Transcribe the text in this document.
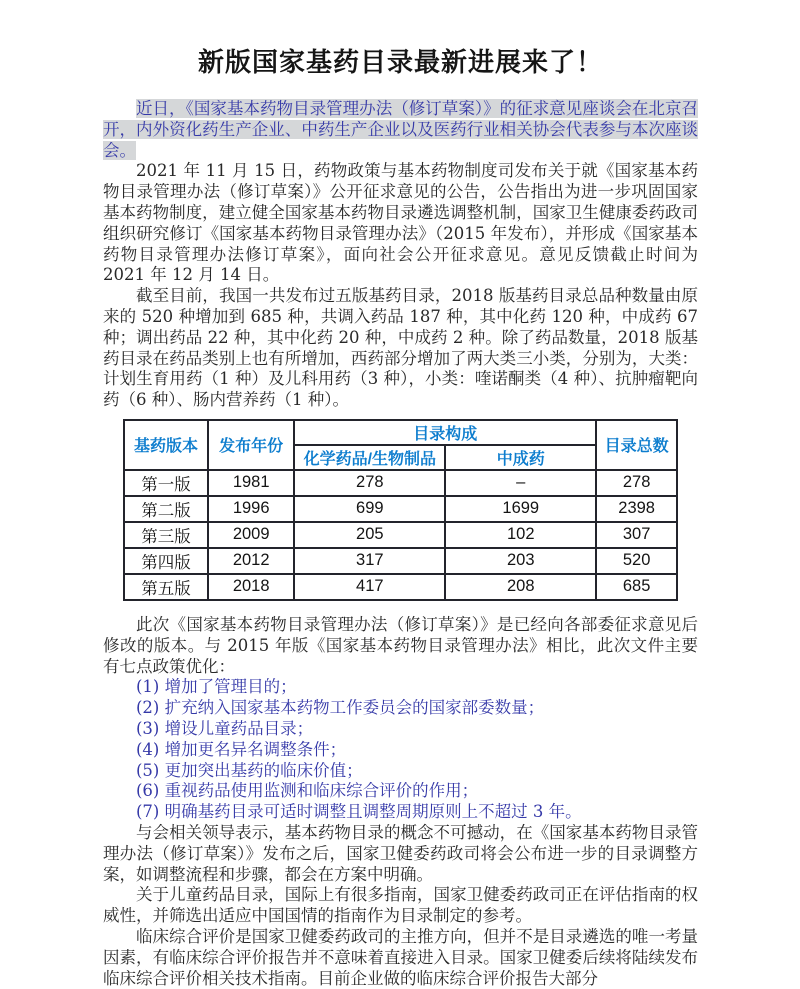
新版国家基药目录最新进展来了！

近日，《国家基本药物目录管理办法（修订草案）》的征求意见座谈会在北京召开，内外资化药生产企业、中药生产企业以及医药行业相关协会代表参与本次座谈会。

2021 年 11 月 15 日，药物政策与基本药物制度司发布关于就《国家基本药物目录管理办法（修订草案）》公开征求意见的公告，公告指出为进一步巩固国家基本药物制度，建立健全国家基本药物目录遴选调整机制，国家卫生健康委药政司组织研究修订《国家基本药物目录管理办法》（2015 年发布），并形成《国家基本药物目录管理办法修订草案》，面向社会公开征求意见。意见反馈截止时间为 2021 年 12 月 14 日。

截至目前，我国一共发布过五版基药目录，2018 版基药目录总品种数量由原来的 520 种增加到 685 种，共调入药品 187 种，其中化药 120 种，中成药 67 种；调出药品 22 种，其中化药 20 种，中成药 2 种。除了药品数量，2018 版基药目录在药品类别上也有所增加，西药部分增加了两大类三小类，分别为，大类：计划生育用药（1 种）及儿科用药（3 种），小类：喹诺酮类（4 种）、抗肿瘤靶向药（6 种）、肠内营养药（1 种）。

基药版本	发布年份	目录构成		目录总数
		化学药品/生物制品	中成药	
第一版	1981	278	–	278
第二版	1996	699	1699	2398
第三版	2009	205	102	307
第四版	2012	317	203	520
第五版	2018	417	208	685

此次《国家基本药物目录管理办法（修订草案）》是已经向各部委征求意见后修改的版本。与 2015 年版《国家基本药物目录管理办法》相比，此次文件主要有七点政策优化：

(1) 增加了管理目的；
(2) 扩充纳入国家基本药物工作委员会的国家部委数量；
(3) 增设儿童药品目录；
(4) 增加更名异名调整条件；
(5) 更加突出基药的临床价值；
(6) 重视药品使用监测和临床综合评价的作用；
(7) 明确基药目录可适时调整且调整周期原则上不超过 3 年。

与会相关领导表示，基本药物目录的概念不可撼动，在《国家基本药物目录管理办法（修订草案）》发布之后，国家卫健委药政司将会公布进一步的目录调整方案，如调整流程和步骤，都会在方案中明确。

关于儿童药品目录，国际上有很多指南，国家卫健委药政司正在评估指南的权威性，并筛选出适应中国国情的指南作为目录制定的参考。

临床综合评价是国家卫健委药政司的主推方向，但并不是目录遴选的唯一考量因素，有临床综合评价报告并不意味着直接进入目录。国家卫健委后续将陆续发布临床综合评价相关技术指南。目前企业做的临床综合评价报告大部分
